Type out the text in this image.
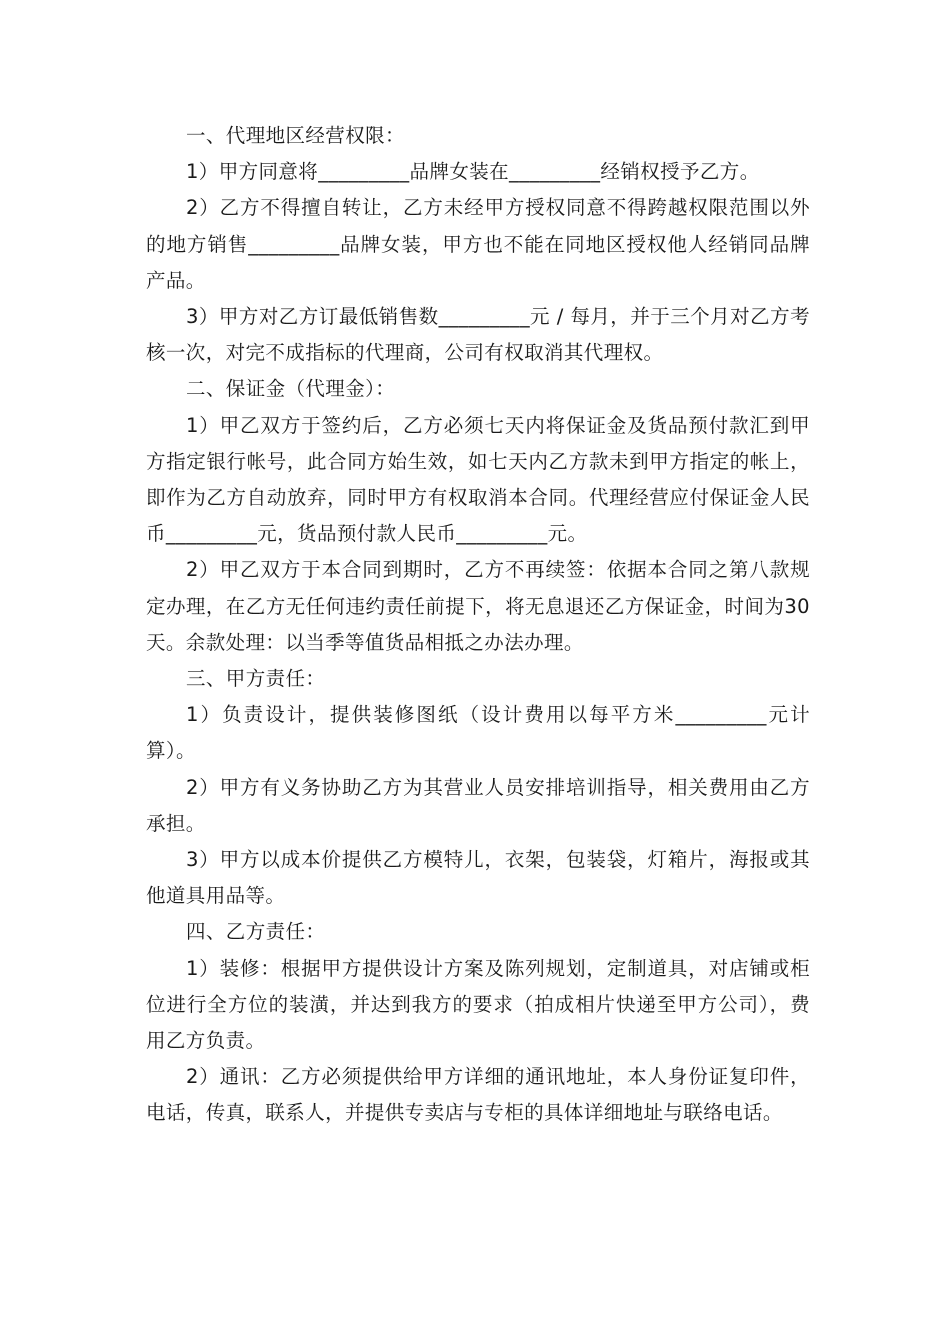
一、代理地区经营权限：

1）甲方同意将_________品牌女装在_________经销权授予乙方。

2）乙方不得擅自转让，乙方未经甲方授权同意不得跨越权限范围以外的地方销售_________品牌女装，甲方也不能在同地区授权他人经销同品牌产品。

3）甲方对乙方订最低销售数_________元 / 每月，并于三个月对乙方考核一次，对完不成指标的代理商，公司有权取消其代理权。

二、保证金（代理金）：

1）甲乙双方于签约后，乙方必须七天内将保证金及货品预付款汇到甲方指定银行帐号，此合同方始生效，如七天内乙方款未到甲方指定的帐上，即作为乙方自动放弃，同时甲方有权取消本合同。代理经营应付保证金人民币_________元，货品预付款人民币_________元。

2）甲乙双方于本合同到期时，乙方不再续签：依据本合同之第八款规定办理，在乙方无任何违约责任前提下，将无息退还乙方保证金，时间为30天。余款处理：以当季等值货品相抵之办法办理。

三、甲方责任：

1）负责设计，提供装修图纸（设计费用以每平方米_________元计算）。

2）甲方有义务协助乙方为其营业人员安排培训指导，相关费用由乙方承担。

3）甲方以成本价提供乙方模特儿，衣架，包装袋，灯箱片，海报或其他道具用品等。

四、乙方责任：

1）装修：根据甲方提供设计方案及陈列规划，定制道具，对店铺或柜位进行全方位的装潢，并达到我方的要求（拍成相片快递至甲方公司），费用乙方负责。

2）通讯：乙方必须提供给甲方详细的通讯地址，本人身份证复印件，电话，传真，联系人，并提供专卖店与专柜的具体详细地址与联络电话。
